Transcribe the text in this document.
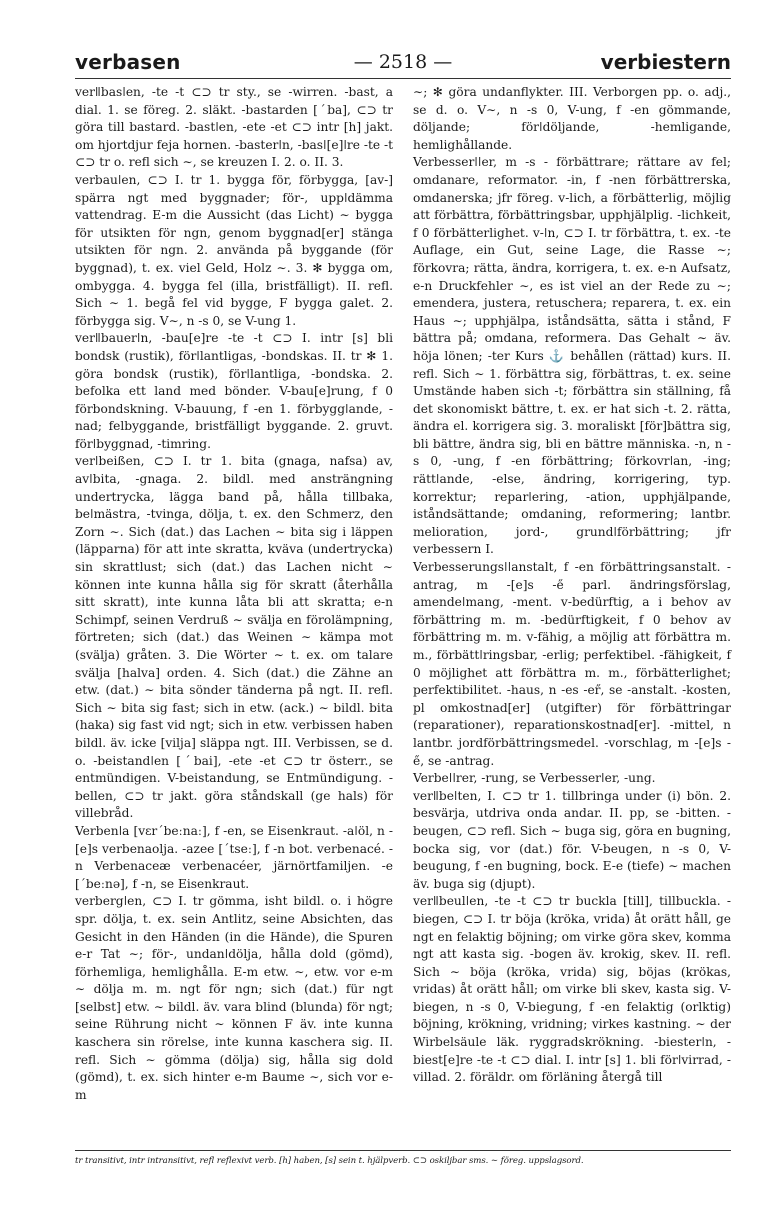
verbasen	— 2518 —	verbiestern

verǁbasǀen, -te -t ⊂⊃ tr sty., se -wirren. -bast, a dial. 1. se föreg. 2. släkt. -bastarden [ˊba], ⊂⊃ tr göra till bastard. -bastǀen, -ete -et ⊂⊃ intr [h] jakt. om hjortdjur feja hornen. -basterǀn, -basǀ[e]ǀre -te -t ⊂⊃ tr o. refl sich ∼, se kreuzen I. 2. o. II. 3.

verbauǀen, ⊂⊃ I. tr 1. bygga för, förbygga, [av-] spärra ngt med byggnader; för-, uppǀdämma vattendrag. E-m die Aussicht (das Licht) ∼ bygga för utsikten för ngn, genom byggnad[er] stänga utsikten för ngn. 2. använda på byggande (för byggnad), t. ex. viel Geld, Holz ∼. 3. ✻ bygga om, ombygga. 4. bygga fel (illa, bristfälligt). II. refl. Sich ∼ 1. begå fel vid bygge, F bygga galet. 2. förbygga sig. V∼, n -s 0, se V-ung 1.

verǁbauerǀn, -bau[e]re -te -t ⊂⊃ I. intr [s] bli bondsk (rustik), förǀlantligas, -bondskas. II. tr ✻ 1. göra bondsk (rustik), förǀlantliga, -bondska. 2. befolka ett land med bönder. V-bau[e]rung, f 0 förbondskning. V-bauung, f -en 1. förbyggǀande, -nad; felbyggande, bristfälligt byggande. 2. gruvt. förǀbyggnad, -timring.

verǀbeißen, ⊂⊃ I. tr 1. bita (gnaga, nafsa) av, avǀbita, -gnaga. 2. bildl. med ansträngning undertrycka, lägga band på, hålla tillbaka, beǀmästra, -tvinga, dölja, t. ex. den Schmerz, den Zorn ∼. Sich (dat.) das Lachen ∼ bita sig i läppen (läpparna) för att inte skratta, kväva (undertrycka) sin skrattlust; sich (dat.) das Lachen nicht ∼ können inte kunna hålla sig för skratt (återhålla sitt skratt), inte kunna låta bli att skratta; e-n Schimpf, seinen Verdruß ∼ svälja en förolämpning, förtreten; sich (dat.) das Weinen ∼ kämpa mot (svälja) gråten. 3. Die Wörter ∼ t. ex. om talare svälja [halva] orden. 4. Sich (dat.) die Zähne an etw. (dat.) ∼ bita sönder tänderna på ngt. II. refl. Sich ∼ bita sig fast; sich in etw. (ack.) ∼ bildl. bita (haka) sig fast vid ngt; sich in etw. verbissen haben bildl. äv. icke [vilja] släppa ngt. III. Verbissen, se d. o. -beistandǀen [ˊbai], -ete -et ⊂⊃ tr österr., se entmündigen. V-beistandung, se Entmündigung. -bellen, ⊂⊃ tr jakt. göra ståndskall (ge hals) för villebråd.

Verbenǀa [vɛrˊbeːnaː], f -en, se Eisenkraut. -aǀöl, n -[e]s verbenaolja. -azee [ˊtseː], f -n bot. verbenacé. -n Verbenaceæ verbenacéer, järnörtfamiljen. -e [ˊbeːnə], f -n, se Eisenkraut.

verbergǀen, ⊂⊃ I. tr gömma, isht bildl. o. i högre spr. dölja, t. ex. sein Antlitz, seine Absichten, das Gesicht in den Händen (in die Hände), die Spuren e-r Tat ∼; för-, undanǀdölja, hålla dold (gömd), förhemliga, hemlighålla. E-m etw. ∼, etw. vor e-m ∼ dölja m. m. ngt för ngn; sich (dat.) für ngt [selbst] etw. ∼ bildl. äv. vara blind (blunda) för ngt; seine Rührung nicht ∼ können F äv. inte kunna kaschera sin rörelse, inte kunna kaschera sig. II. refl. Sich ∼ gömma (dölja) sig, hålla sig dold (gömd), t. ex. sich hinter e-m Baume ∼, sich vor e-m

∼; ✻ göra undanflykter. III. Verborgen pp. o. adj., se d. o. V∼, n -s 0, V-ung, f -en gömmande, döljande; förǀdöljande, -hemligande, hemlighållande.

Verbesserǀǀer, m -s - förbättrare; rättare av fel; omdanare, reformator. -in, f -nen förbättrerska, omdanerska; jfr föreg. v-lich, a förbätterlig, möjlig att förbättra, förbättringsbar, upphjälplig. -lichkeit, f 0 förbätterlighet. v-ǀn, ⊂⊃ I. tr förbättra, t. ex. -te Auflage, ein Gut, seine Lage, die Rasse ∼; förkovra; rätta, ändra, korrigera, t. ex. e-n Aufsatz, e-n Druckfehler ∼, es ist viel an der Rede zu ∼; emendera, justera, retuschera; reparera, t. ex. ein Haus ∼; upphjälpa, iståndsätta, sätta i stånd, F bättra på; omdana, reformera. Das Gehalt ∼ äv. höja lönen; -ter Kurs ⚓ behållen (rättad) kurs. II. refl. Sich ∼ 1. förbättra sig, förbättras, t. ex. seine Umstände haben sich -t; förbättra sin ställning, få det skonomiskt bättre, t. ex. er hat sich -t. 2. rätta, ändra el. korrigera sig. 3. moraliskt [för]bättra sig, bli bättre, ändra sig, bli en bättre människa. -n, n -s 0, -ung, f -en förbättring; förkovrǀan, -ing; rättǀande, -else, ändring, korrigering, typ. korrektur; reparǀering, -ation, upphjälpande, iståndsättande; omdaning, reformering; lantbr. melioration, jord-, grundǀförbättring; jfr verbessern I.

Verbesserungsǀǀanstalt, f -en förbättringsanstalt. -antrag, m -[e]s -e̋ parl. ändringsförslag, amendeǀmang, -ment. v-bedürftig, a i behov av förbättring m. m. -bedürftigkeit, f 0 behov av förbättring m. m. v-fähig, a möjlig att förbättra m. m., förbättǀringsbar, -erlig; perfektibel. -fähigkeit, f 0 möjlighet att förbättra m. m., förbätterlighet; perfektibilitet. -haus, n -es -er̋, se -anstalt. -kosten, pl omkostnad[er] (utgifter) för förbättringar (reparationer), reparationskostnad[er]. -mittel, n lantbr. jordförbättringsmedel. -vorschlag, m -[e]s -e̋, se -antrag.

Verbeǀǀrer, -rung, se Verbesserǀer, -ung.

verǁbeǀten, I. ⊂⊃ tr 1. tillbringa under (i) bön. 2. besvärja, utdriva onda andar. II. pp, se -bitten. -beugen, ⊂⊃ refl. Sich ∼ buga sig, göra en bugning, bocka sig, vor (dat.) för. V-beugen, n -s 0, V-beugung, f -en bugning, bock. E-e (tiefe) ∼ machen äv. buga sig (djupt).

verǁbeulǀen, -te -t ⊂⊃ tr buckla [till], tillbuckla. -biegen, ⊂⊃ I. tr böja (kröka, vrida) åt orätt håll, ge ngt en felaktig böjning; om virke göra skev, komma ngt att kasta sig. -bogen äv. krokig, skev. II. refl. Sich ∼ böja (kröka, vrida) sig, böjas (krökas, vridas) åt orätt håll; om virke bli skev, kasta sig. V-biegen, n -s 0, V-biegung, f -en felaktig (orlktig) böjning, krökning, vridning; virkes kastning. ∼ der Wirbelsäule läk. ryggradskrökning. -biesterǀn, -biest[e]re -te -t ⊂⊃ dial. I. intr [s] 1. bli förǀvirrad, -villad. 2. föräldr. om förläning återgå till

tr transitivt, intr intransitivt, refl reflexivt verb. [h] haben, [s] sein t. hjälpverb. ⊂⊃ oskiljbar sms. ∼ föreg. uppslagsord.
